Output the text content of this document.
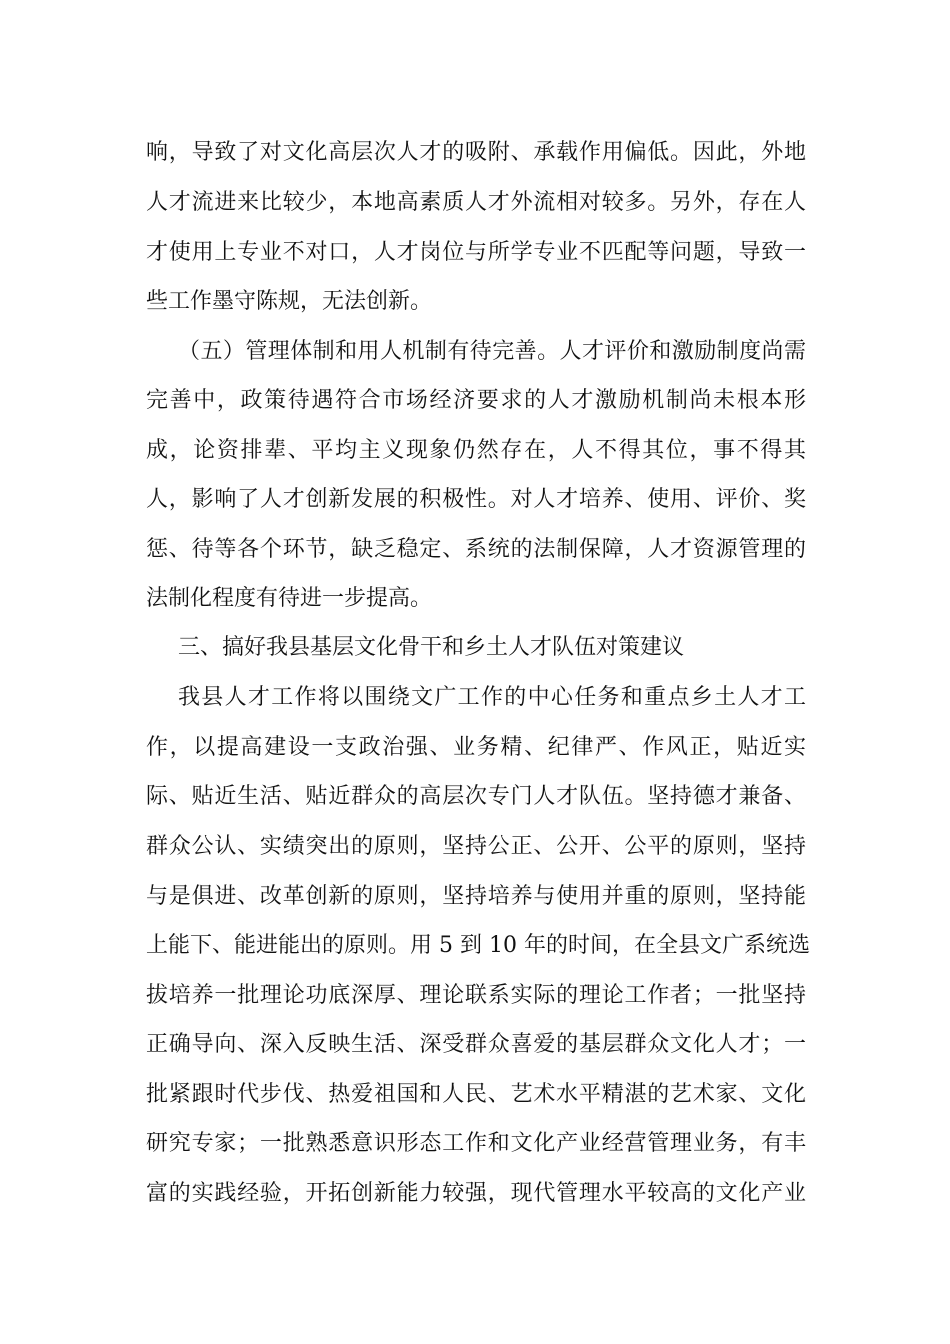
响，导致了对文化高层次人才的吸附、承载作用偏低。因此，外地
人才流进来比较少，本地高素质人才外流相对较多。另外，存在人
才使用上专业不对口，人才岗位与所学专业不匹配等问题，导致一
些工作墨守陈规，无法创新。
（五）管理体制和用人机制有待完善。人才评价和激励制度尚需
完善中，政策待遇符合市场经济要求的人才激励机制尚未根本形
成，论资排辈、平均主义现象仍然存在，人不得其位，事不得其
人，影响了人才创新发展的积极性。对人才培养、使用、评价、奖
惩、待等各个环节，缺乏稳定、系统的法制保障，人才资源管理的
法制化程度有待进一步提高。
三、搞好我县基层文化骨干和乡土人才队伍对策建议
我县人才工作将以围绕文广工作的中心任务和重点乡土人才工
作，以提高建设一支政治强、业务精、纪律严、作风正，贴近实
际、贴近生活、贴近群众的高层次专门人才队伍。坚持德才兼备、
群众公认、实绩突出的原则，坚持公正、公开、公平的原则，坚持
与是俱进、改革创新的原则，坚持培养与使用并重的原则，坚持能
上能下、能进能出的原则。用 5 到 10 年的时间，在全县文广系统选
拔培养一批理论功底深厚、理论联系实际的理论工作者；一批坚持
正确导向、深入反映生活、深受群众喜爱的基层群众文化人才；一
批紧跟时代步伐、热爱祖国和人民、艺术水平精湛的艺术家、文化
研究专家；一批熟悉意识形态工作和文化产业经营管理业务，有丰
富的实践经验，开拓创新能力较强，现代管理水平较高的文化产业
